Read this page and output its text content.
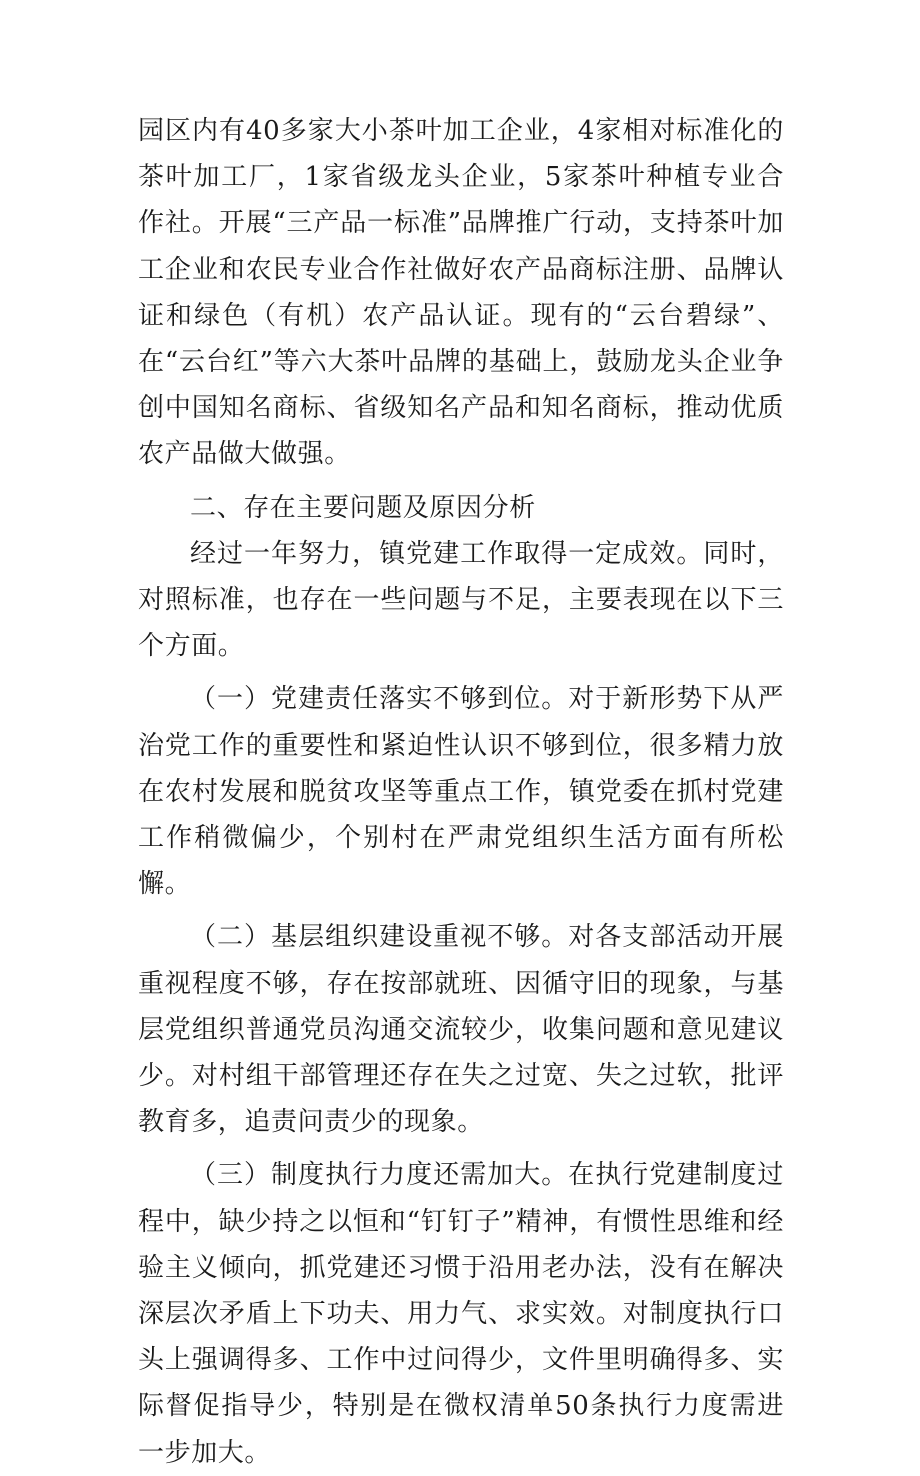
园区内有40多家大小茶叶加工企业，4家相对标准化的茶叶加工厂，1家省级龙头企业，5家茶叶种植专业合作社。开展“三产品一标准”品牌推广行动，支持茶叶加工企业和农民专业合作社做好农产品商标注册、品牌认证和绿色（有机）农产品认证。现有的“云台碧绿”、在“云台红”等六大茶叶品牌的基础上，鼓励龙头企业争创中国知名商标、省级知名产品和知名商标，推动优质农产品做大做强。

二、存在主要问题及原因分析

经过一年努力，镇党建工作取得一定成效。同时，对照标准，也存在一些问题与不足，主要表现在以下三个方面。

（一）党建责任落实不够到位。对于新形势下从严治党工作的重要性和紧迫性认识不够到位，很多精力放在农村发展和脱贫攻坚等重点工作，镇党委在抓村党建工作稍微偏少，个别村在严肃党组织生活方面有所松懈。

（二）基层组织建设重视不够。对各支部活动开展重视程度不够，存在按部就班、因循守旧的现象，与基层党组织普通党员沟通交流较少，收集问题和意见建议少。对村组干部管理还存在失之过宽、失之过软，批评教育多，追责问责少的现象。

（三）制度执行力度还需加大。在执行党建制度过程中，缺少持之以恒和“钉钉子”精神，有惯性思维和经验主义倾向，抓党建还习惯于沿用老办法，没有在解决深层次矛盾上下功夫、用力气、求实效。对制度执行口头上强调得多、工作中过问得少，文件里明确得多、实际督促指导少，特别是在微权清单50条执行力度需进一步加大。
